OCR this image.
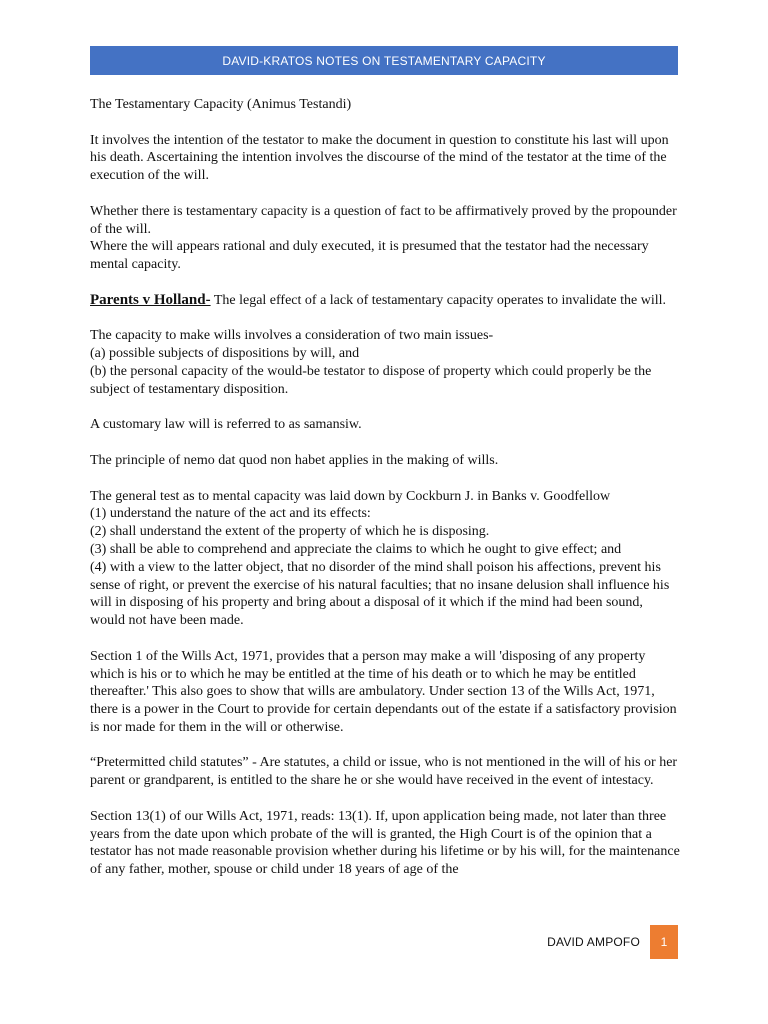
DAVID-KRATOS NOTES ON TESTAMENTARY CAPACITY

The Testamentary Capacity (Animus Testandi)

It involves the intention of the testator to make the document in question to constitute his last will upon his death. Ascertaining the intention involves the discourse of the mind of the testator at the time of the execution of the will.

Whether there is testamentary capacity is a question of fact to be affirmatively proved by the propounder of the will.

Where the will appears rational and duly executed, it is presumed that the testator had the necessary mental capacity.

Parents v Holland- The legal effect of a lack of testamentary capacity operates to invalidate the will.

The capacity to make wills involves a consideration of two main issues-

(a) possible subjects of dispositions by will, and

(b) the personal capacity of the would-be testator to dispose of property which could properly be the subject of testamentary disposition.

A customary law will is referred to as samansiw.

The principle of nemo dat quod non habet applies in the making of wills.

The general test as to mental capacity was laid down by Cockburn J. in Banks v. Goodfellow

(1) understand the nature of the act and its effects:

(2) shall understand the extent of the property of which he is disposing.

(3) shall be able to comprehend and appreciate the claims to which he ought to give effect; and

(4) with a view to the latter object, that no disorder of the mind shall poison his affections, prevent his sense of right, or prevent the exercise of his natural faculties; that no insane delusion shall influence his will in disposing of his property and bring about a disposal of it which if the mind had been sound, would not have been made.

Section 1 of the Wills Act, 1971, provides that a person may make a will 'disposing of any property which is his or to which he may be entitled at the time of his death or to which he may be entitled thereafter.' This also goes to show that wills are ambulatory. Under section 13 of the Wills Act, 1971, there is a power in the Court to provide for certain dependants out of the estate if a satisfactory provision is nor made for them in the will or otherwise.

“Pretermitted child statutes” - Are statutes, a child or issue, who is not mentioned in the will of his or her parent or grandparent, is entitled to the share he or she would have received in the event of intestacy.

Section 13(1) of our Wills Act, 1971, reads: 13(1). If, upon application being made, not later than three years from the date upon which probate of the will is granted, the High Court is of the opinion that a testator has not made reasonable provision whether during his lifetime or by his will, for the maintenance of any father, mother, spouse or child under 18 years of age of the

DAVID AMPOFO 1
